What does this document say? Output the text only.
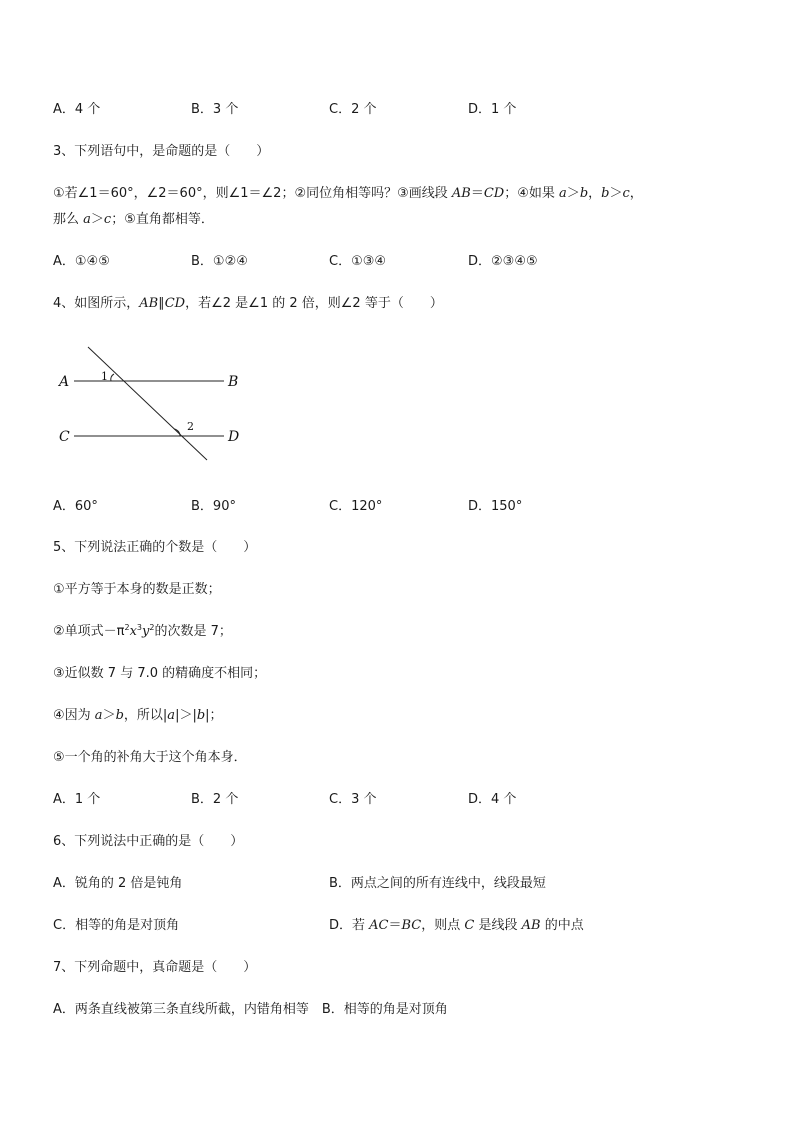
A．4 个	B．3 个	C．2 个	D．1 个
3、下列语句中，是命题的是（　　）
①若∠1＝60°，∠2＝60°，则∠1＝∠2；②同位角相等吗？③画线段 AB＝CD；④如果 a＞b，b＞c，
那么 a＞c；⑤直角都相等．
A．①④⑤	B．①②④	C．①③④	D．②③④⑤
4、如图所示，AB∥CD，若∠2 是∠1 的 2 倍，则∠2 等于（　　）
A	B
C	D
1
2
A．60°	B．90°	C．120°	D．150°
5、下列说法正确的个数是（　　）
①平方等于本身的数是正数；
②单项式$-\pi^2x^3y^2$的次数是 7；
③近似数 7 与 7.0 的精确度不相同；
④因为 a＞b，所以|a|＞|b|；
⑤一个角的补角大于这个角本身．
A．1 个	B．2 个	C．3 个	D．4 个
6、下列说法中正确的是（　　）
A．锐角的 2 倍是钝角	B．两点之间的所有连线中，线段最短
C．相等的角是对顶角	D．若 AC＝BC，则点 C 是线段 AB 的中点
7、下列命题中，真命题是（　　）
A．两条直线被第三条直线所截，内错角相等　B．相等的角是对顶角
